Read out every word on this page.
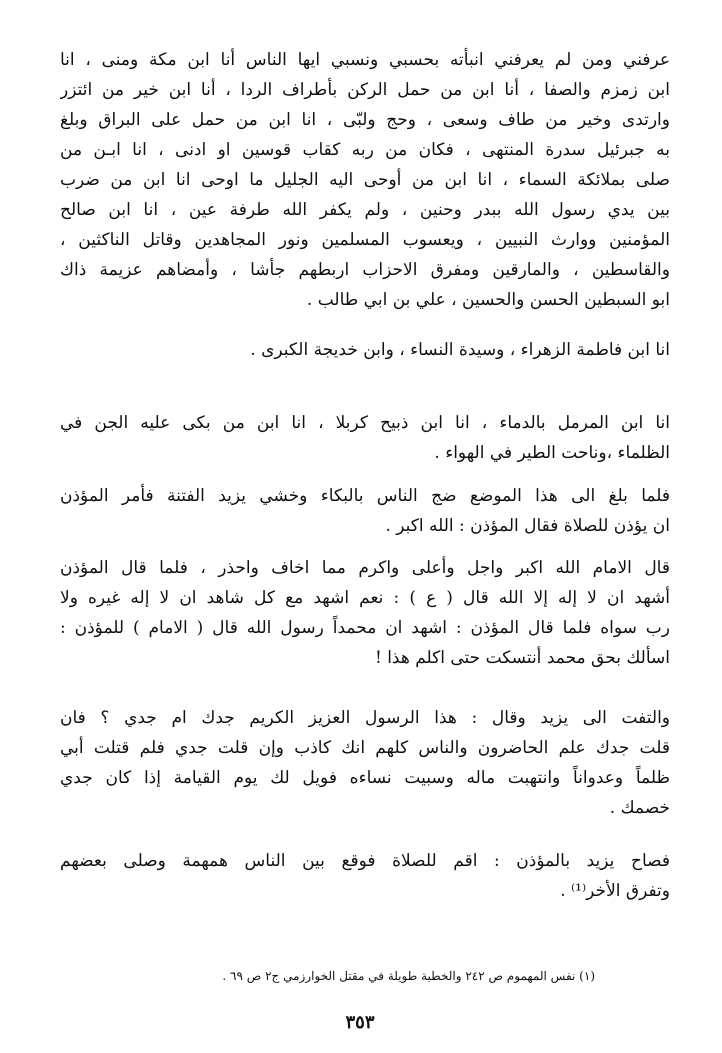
عرفني ومن لم يعرفني انبأته بحسبي ونسبي ايها الناس أنا ابن مكة ومنى ، انا
ابن زمزم والصفا ، أنا ابن من حمل الركن بأطراف الردا ، أنا ابن خير من ائتزر
وارتدى وخير من طاف وسعى ، وحج ولبّى ، انا ابن من حمل على البراق وبلغ
به جبرئيل سدرة المنتهى ، فكان من ربه كقاب قوسين او ادنى ، انا ابـن من
صلى بملائكة السماء ، انا ابن من أوحى اليه الجليل ما اوحى انا ابن من ضرب
بين يدي رسول الله ببدر وحنين ، ولم يكفر الله طرفة عين ، انا ابن صالح
المؤمنين ووارث النبيين ، ويعسوب المسلمين ونور المجاهدين وقاتل الناكثين ،
والقاسطين ، والمارقين ومفرق الاحزاب اربطهم جأشا ، وأمضاهم عزيمة ذاك
ابو السبطين الحسن والحسين ، علي بن ابي طالب .
انا ابن فاطمة الزهراء ، وسيدة النساء ، وابن خديجة الكبرى .
انا ابن المرمل بالدماء ، انا ابن ذبيح كربلا ، انا ابن من بكى عليه الجن في
الظلماء ،وناحت الطير في الهواء .
فلما بلغ الى هذا الموضع ضج الناس بالبكاء وخشي يزيد الفتنة فأمر المؤذن
ان يؤذن للصلاة فقال المؤذن : الله اكبر .
قال الامام الله اكبر واجل وأعلى واكرم مما اخاف واحذر ، فلما قال المؤذن
أشهد ان لا إله إلا الله قال ( ع ) : نعم اشهد مع كل شاهد ان لا إله غيره ولا
رب سواه فلما قال المؤذن : اشهد ان محمداً رسول الله قال ( الامام ) للمؤذن :
اسألك بحق محمد أنتسكت حتى اكلم هذا !
والتفت الى يزيد وقال : هذا الرسول العزيز الكريم جدك ام جدي ؟ فان
قلت جدك علم الحاضرون والناس كلهم انك كاذب وإن قلت جدي فلم قتلت أبي
ظلماً وعدواناً وانتهبت ماله وسبيت نساءه فويل لك يوم القيامة إذا كان جدي
خصمك .
فصاح يزيد بالمؤذن : اقم للصلاة فوقع بين الناس همهمة وصلى بعضهم
وتفرق الأخر⁽¹⁾ .
(١) نفس المهموم ص ٢٤٢ والخطبة طويلة في مقتل الخوارزمي ج٢ ص ٦٩ .
٣٥٣
